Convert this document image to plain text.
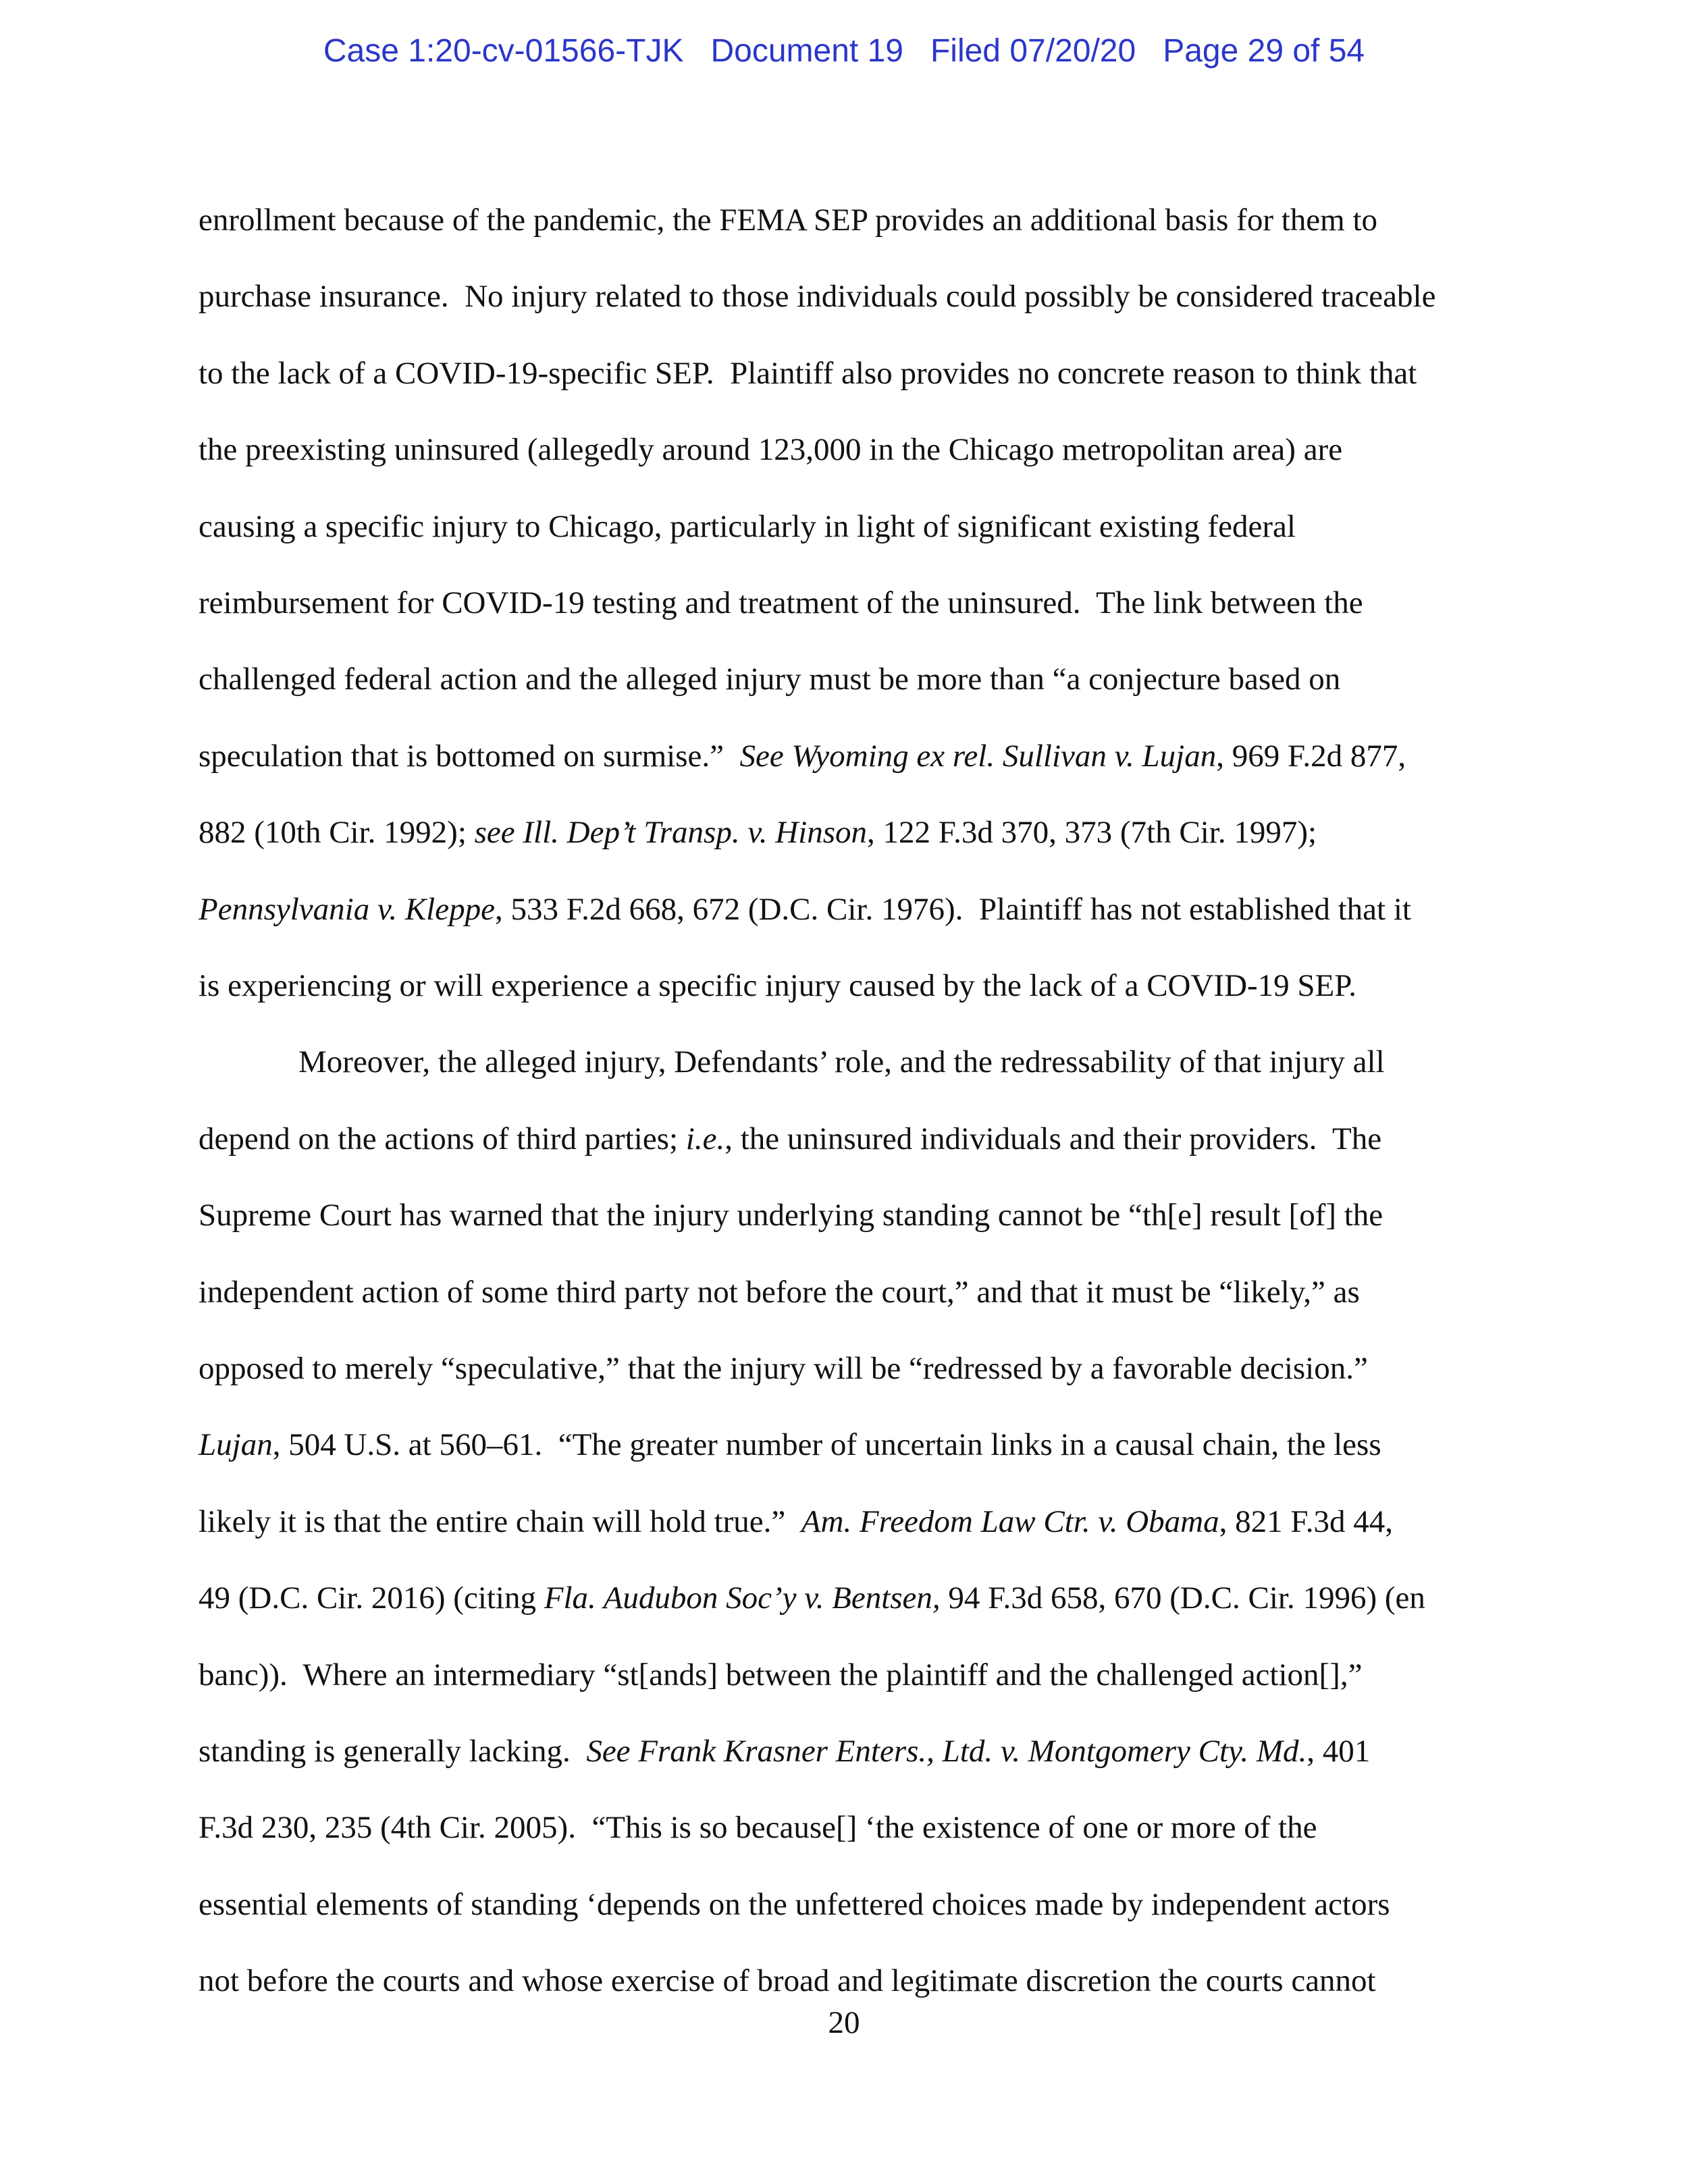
Case 1:20-cv-01566-TJK   Document 19   Filed 07/20/20   Page 29 of 54
enrollment because of the pandemic, the FEMA SEP provides an additional basis for them to
purchase insurance.  No injury related to those individuals could possibly be considered traceable
to the lack of a COVID-19-specific SEP.  Plaintiff also provides no concrete reason to think that
the preexisting uninsured (allegedly around 123,000 in the Chicago metropolitan area) are
causing a specific injury to Chicago, particularly in light of significant existing federal
reimbursement for COVID-19 testing and treatment of the uninsured.  The link between the
challenged federal action and the alleged injury must be more than “a conjecture based on
speculation that is bottomed on surmise.”  See Wyoming ex rel. Sullivan v. Lujan, 969 F.2d 877,
882 (10th Cir. 1992); see Ill. Dep’t Transp. v. Hinson, 122 F.3d 370, 373 (7th Cir. 1997);
Pennsylvania v. Kleppe, 533 F.2d 668, 672 (D.C. Cir. 1976).  Plaintiff has not established that it
is experiencing or will experience a specific injury caused by the lack of a COVID-19 SEP.
Moreover, the alleged injury, Defendants’ role, and the redressability of that injury all
depend on the actions of third parties; i.e., the uninsured individuals and their providers.  The
Supreme Court has warned that the injury underlying standing cannot be “th[e] result [of] the
independent action of some third party not before the court,” and that it must be “likely,” as
opposed to merely “speculative,” that the injury will be “redressed by a favorable decision.”
Lujan, 504 U.S. at 560–61.  “The greater number of uncertain links in a causal chain, the less
likely it is that the entire chain will hold true.”  Am. Freedom Law Ctr. v. Obama, 821 F.3d 44,
49 (D.C. Cir. 2016) (citing Fla. Audubon Soc’y v. Bentsen, 94 F.3d 658, 670 (D.C. Cir. 1996) (en
banc)).  Where an intermediary “st[ands] between the plaintiff and the challenged action[],”
standing is generally lacking.  See Frank Krasner Enters., Ltd. v. Montgomery Cty. Md., 401
F.3d 230, 235 (4th Cir. 2005).  “This is so because[] ‘the existence of one or more of the
essential elements of standing ‘depends on the unfettered choices made by independent actors
not before the courts and whose exercise of broad and legitimate discretion the courts cannot
20
